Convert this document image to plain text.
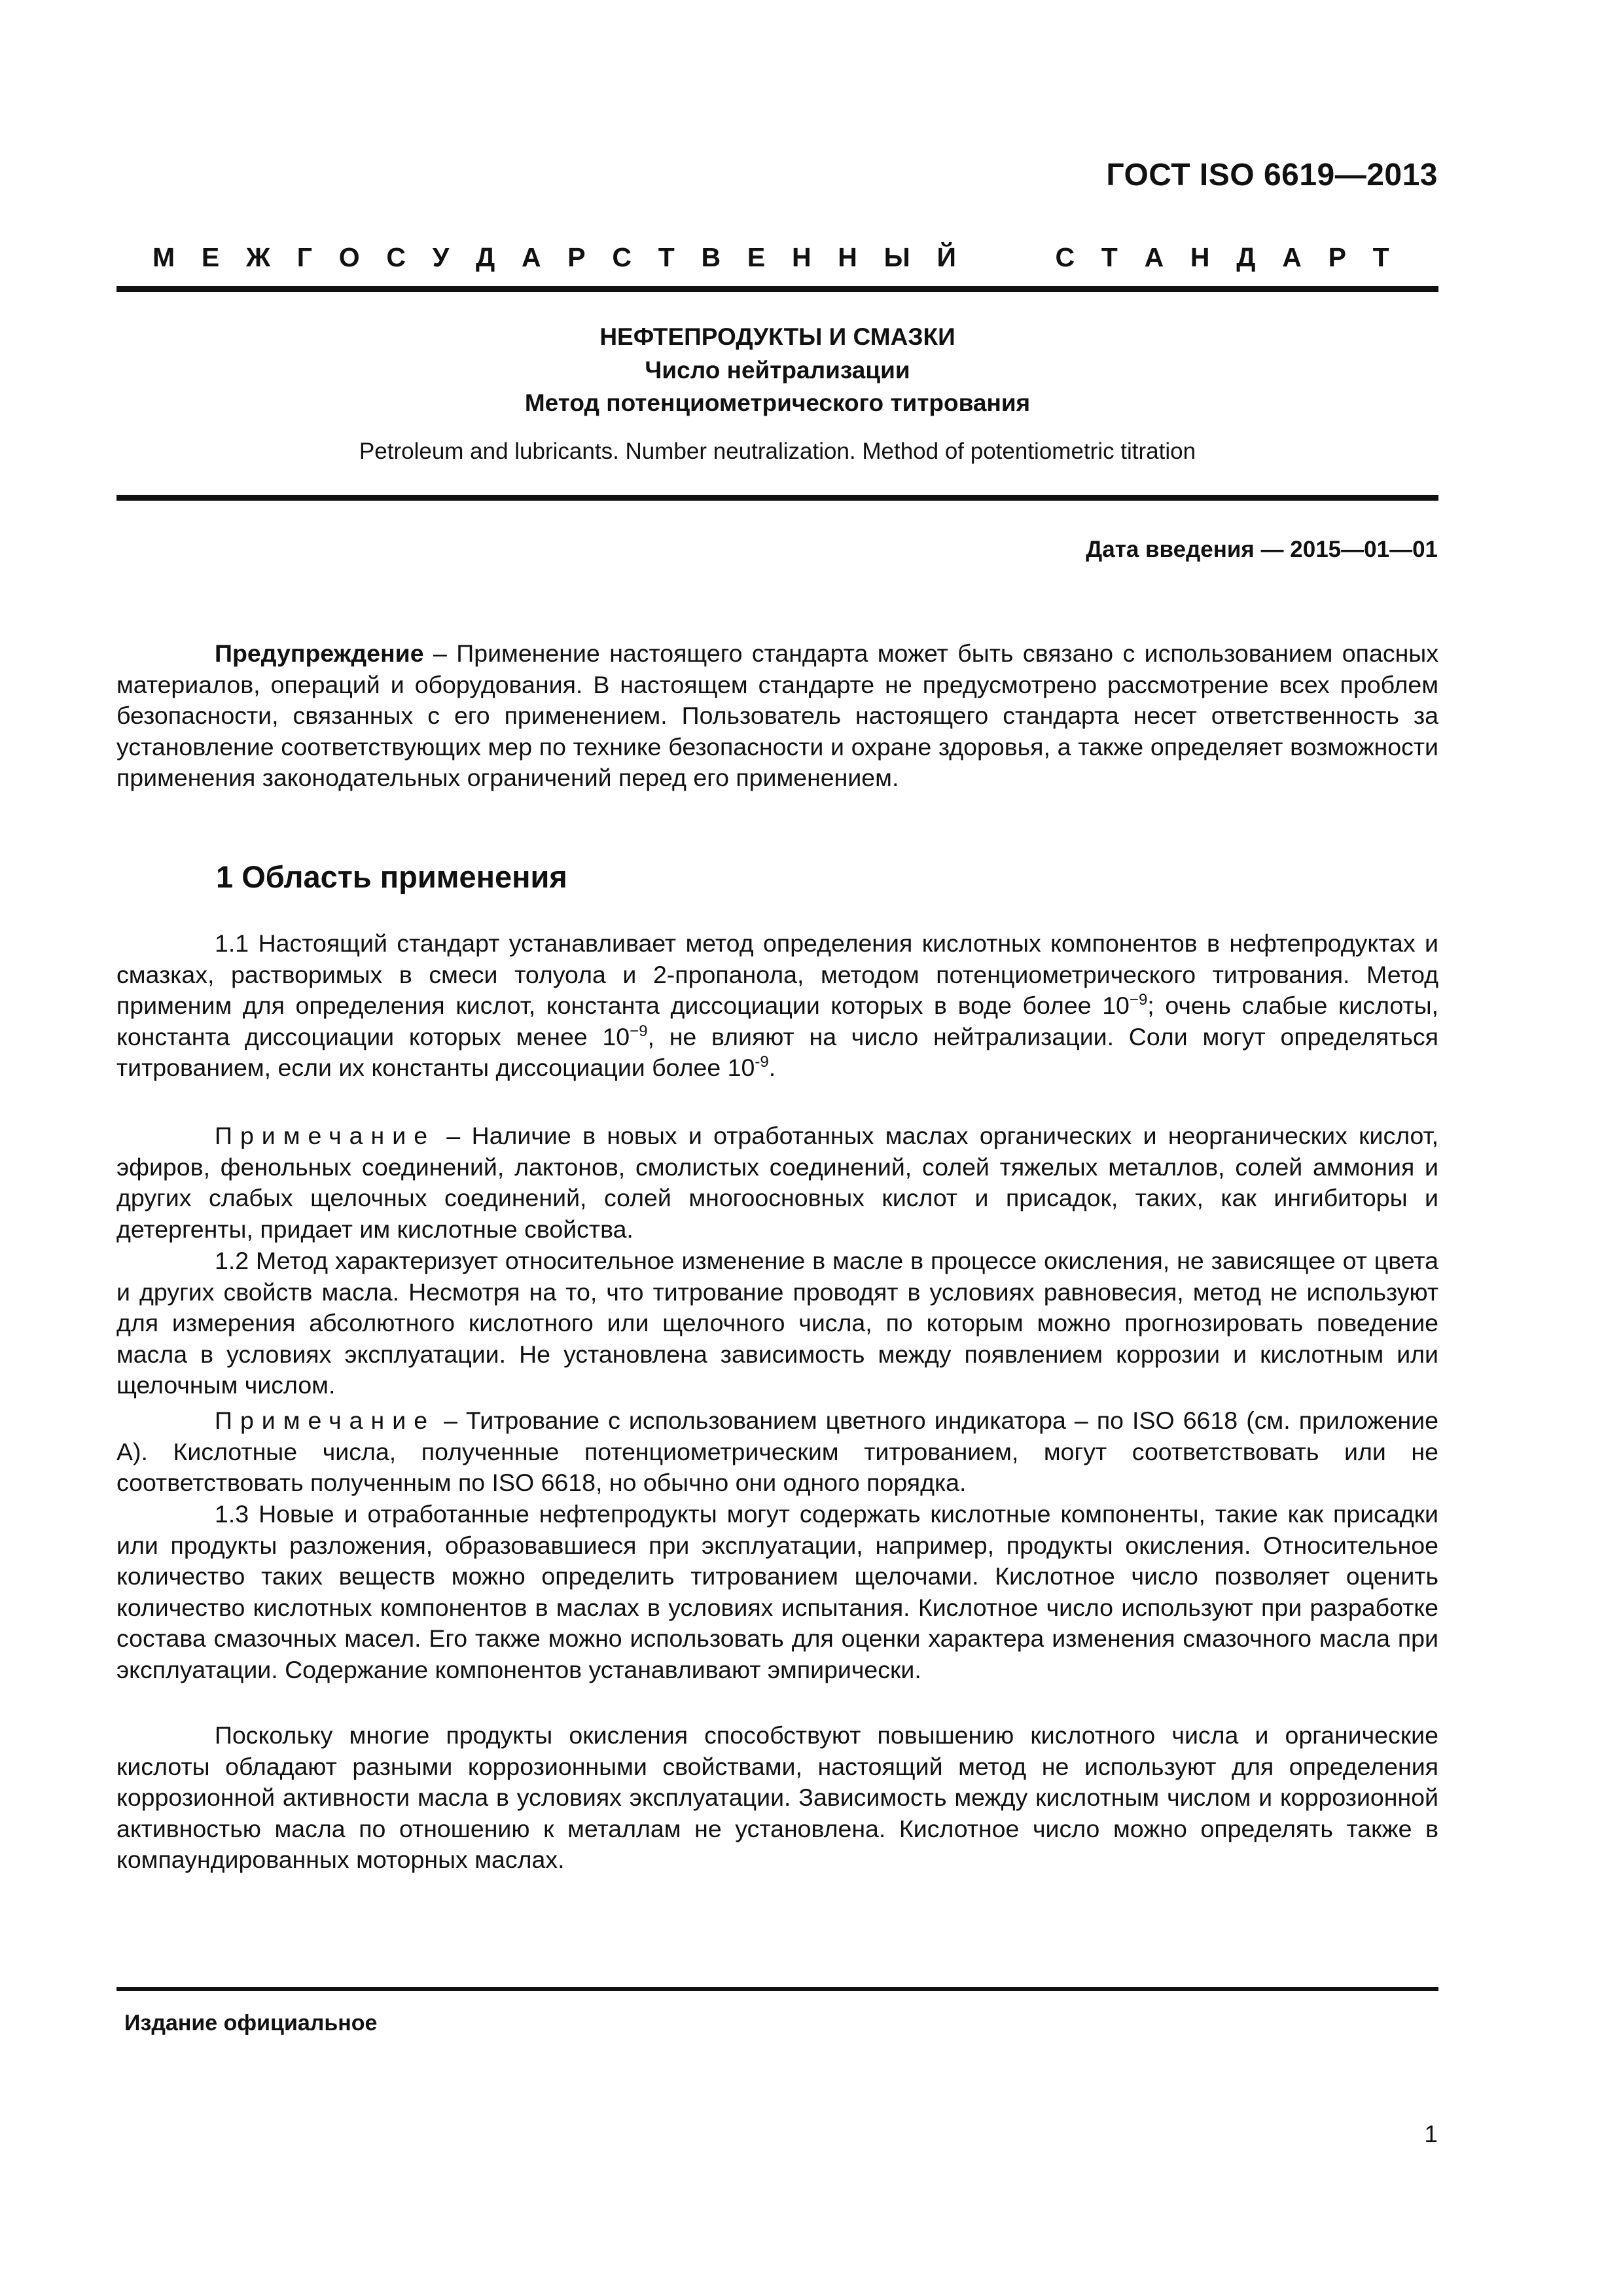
ГОСТ ISO 6619—2013
М Е Ж Г О С У Д А Р С Т В Е Н Н Ы Й	С Т А Н Д А Р Т
НЕФТЕПРОДУКТЫ И СМАЗКИ
Число нейтрализации
Метод потенциометрического титрования
Petroleum and lubricants. Number neutralization. Method of potentiometric titration
Дата введения — 2015—01—01

Предупреждение – Применение настоящего стандарта может быть связано с использованием опасных материалов, операций и оборудования. В настоящем стандарте не предусмотрено рассмотрение всех проблем безопасности, связанных с его применением. Пользователь настоящего стандарта несет ответственность за установление соответствующих мер по технике безопасности и охране здоровья, а также определяет возможности применения законодательных ограничений перед его применением.

1 Область применения

1.1 Настоящий стандарт устанавливает метод определения кислотных компонентов в нефтепродуктах и смазках, растворимых в смеси толуола и 2-пропанола, методом потенциометрического титрования. Метод применим для определения кислот, константа диссоциации которых в воде более $10^{-9}$; очень слабые кислоты, константа диссоциации которых менее $10^{-9}$, не влияют на число нейтрализации. Соли могут определяться титрованием, если их константы диссоциации более $10^{-9}$.

Примечание – Наличие в новых и отработанных маслах органических и неорганических кислот, эфиров, фенольных соединений, лактонов, смолистых соединений, солей тяжелых металлов, солей аммония и других слабых щелочных соединений, солей многоосновных кислот и присадок, таких, как ингибиторы и детергенты, придает им кислотные свойства.

1.2 Метод характеризует относительное изменение в масле в процессе окисления, не зависящее от цвета и других свойств масла. Несмотря на то, что титрование проводят в условиях равновесия, метод не используют для измерения абсолютного кислотного или щелочного числа, по которым можно прогнозировать поведение масла в условиях эксплуатации. Не установлена зависимость между появлением коррозии и кислотным или щелочным числом.

Примечание – Титрование с использованием цветного индикатора – по ISO 6618 (см. приложение А). Кислотные числа, полученные потенциометрическим титрованием, могут соответствовать или не соответствовать полученным по ISO 6618, но обычно они одного порядка.

1.3 Новые и отработанные нефтепродукты могут содержать кислотные компоненты, такие как присадки или продукты разложения, образовавшиеся при эксплуатации, например, продукты окисления. Относительное количество таких веществ можно определить титрованием щелочами. Кислотное число позволяет оценить количество кислотных компонентов в маслах в условиях испытания. Кислотное число используют при разработке состава смазочных масел. Его также можно использовать для оценки характера изменения смазочного масла при эксплуатации. Содержание компонентов устанавливают эмпирически.

Поскольку многие продукты окисления способствуют повышению кислотного числа и органические кислоты обладают разными коррозионными свойствами, настоящий метод не используют для определения коррозионной активности масла в условиях эксплуатации. Зависимость между кислотным числом и коррозионной активностью масла по отношению к металлам не установлена. Кислотное число можно определять также в компаундированных моторных маслах.

Издание официальное
1
